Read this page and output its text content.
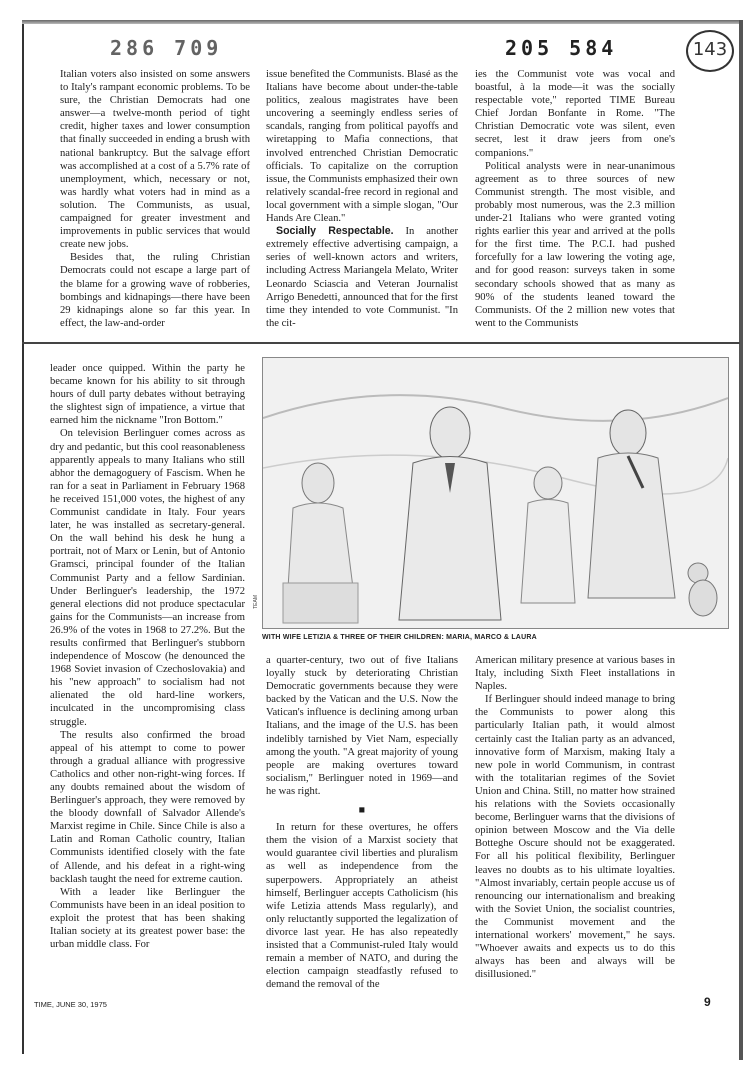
286 709	205 584	143

Italian voters also insisted on some answers to Italy's rampant economic problems. To be sure, the Christian Democrats had one answer—a twelve-month period of tight credit, higher taxes and lower consumption that finally succeeded in ending a brush with national bankruptcy. But the salvage effort was accomplished at a cost of a 5.7% rate of unemployment, which, necessary or not, was hardly what voters had in mind as a solution. The Communists, as usual, campaigned for greater investment and improvements in public services that would create new jobs.

Besides that, the ruling Christian Democrats could not escape a large part of the blame for a growing wave of robberies, bombings and kidnapings—there have been 29 kidnapings alone so far this year. In effect, the law-and-order

issue benefited the Communists. Blasé as the Italians have become about under-the-table politics, zealous magistrates have been uncovering a seemingly endless series of scandals, ranging from political payoffs and wiretapping to Mafia connections, that involved entrenched Christian Democratic officials. To capitalize on the corruption issue, the Communists emphasized their own relatively scandal-free record in regional and local government with a simple slogan, "Our Hands Are Clean."

Socially Respectable. In another extremely effective advertising campaign, a series of well-known actors and writers, including Actress Mariangela Melato, Writer Leonardo Sciascia and Veteran Journalist Arrigo Benedetti, announced that for the first time they intended to vote Communist. "In the cit-

ies the Communist vote was vocal and boastful, à la mode—it was the socially respectable vote," reported TIME Bureau Chief Jordan Bonfante in Rome. "The Christian Democratic vote was silent, even secret, lest it draw jeers from one's companions."

Political analysts were in near-unanimous agreement as to three sources of new Communist strength. The most visible, and probably most numerous, was the 2.3 million under-21 Italians who were granted voting rights earlier this year and arrived at the polls for the first time. The P.C.I. had pushed forcefully for a law lowering the voting age, and for good reason: surveys taken in some secondary schools showed that as many as 90% of the students leaned toward the Communists. Of the 2 million new votes that went to the Communists

leader once quipped. Within the party he became known for his ability to sit through hours of dull party debates without betraying the slightest sign of impatience, a virtue that earned him the nickname "Iron Bottom."

On television Berlinguer comes across as dry and pedantic, but this cool reasonableness apparently appeals to many Italians who still abhor the demagoguery of Fascism. When he ran for a seat in Parliament in February 1968 he received 151,000 votes, the highest of any Communist candidate in Italy. Four years later, he was installed as secretary-general. On the wall behind his desk he hung a portrait, not of Marx or Lenin, but of Antonio Gramsci, principal founder of the Italian Communist Party and a fellow Sardinian. Under Berlinguer's leadership, the 1972 general elections did not produce spectacular gains for the Communists—an increase from 26.9% of the votes in 1968 to 27.2%. But the results confirmed that Berlinguer's stubborn independence of Moscow (he denounced the 1968 Soviet invasion of Czechoslovakia) and his "new approach" to socialism had not alienated the old hard-line workers, inculcated in the uncompromising class struggle.

The results also confirmed the broad appeal of his attempt to come to power through a gradual alliance with progressive Catholics and other non-right-wing forces. If any doubts remained about the wisdom of Berlinguer's approach, they were removed by the bloody downfall of Salvador Allende's Marxist regime in Chile. Since Chile is also a Latin and Roman Catholic country, Italian Communists identified closely with the fate of Allende, and his defeat in a right-wing backlash taught the need for extreme caution.

With a leader like Berlinguer the Communists have been in an ideal position to exploit the protest that has been shaking Italian society at its greatest power base: the urban middle class. For

TEAM
WITH WIFE LETIZIA & THREE OF THEIR CHILDREN: MARIA, MARCO & LAURA

a quarter-century, two out of five Italians loyally stuck by deteriorating Christian Democratic governments because they were backed by the Vatican and the U.S. Now the Vatican's influence is declining among urban Italians, and the image of the U.S. has been indelibly tarnished by Viet Nam, especially among the youth. "A great majority of young people are making overtures toward socialism," Berlinguer noted in 1969—and he was right.

■

In return for these overtures, he offers them the vision of a Marxist society that would guarantee civil liberties and pluralism as well as independence from the superpowers. Appropriately an atheist himself, Berlinguer accepts Catholicism (his wife Letizia attends Mass regularly), and only reluctantly supported the legalization of divorce last year. He has also repeatedly insisted that a Communist-ruled Italy would remain a member of NATO, and during the election campaign steadfastly refused to demand the removal of the

American military presence at various bases in Italy, including Sixth Fleet installations in Naples.

If Berlinguer should indeed manage to bring the Communists to power along this particularly Italian path, it would almost certainly cast the Italian party as an advanced, innovative form of Marxism, making Italy a new pole in world Communism, in contrast with the totalitarian regimes of the Soviet Union and China. Still, no matter how strained his relations with the Soviets occasionally become, Berlinguer warns that the divisions of opinion between Moscow and the Via delle Botteghe Oscure should not be exaggerated. For all his political flexibility, Berlinguer leaves no doubts as to his ultimate loyalties. "Almost invariably, certain people accuse us of renouncing our internationalism and breaking with the Soviet Union, the socialist countries, the Communist movement and the international workers' movement," he says. "Whoever awaits and expects us to do this always has been and always will be disillusioned."

TIME, JUNE 30, 1975	9
